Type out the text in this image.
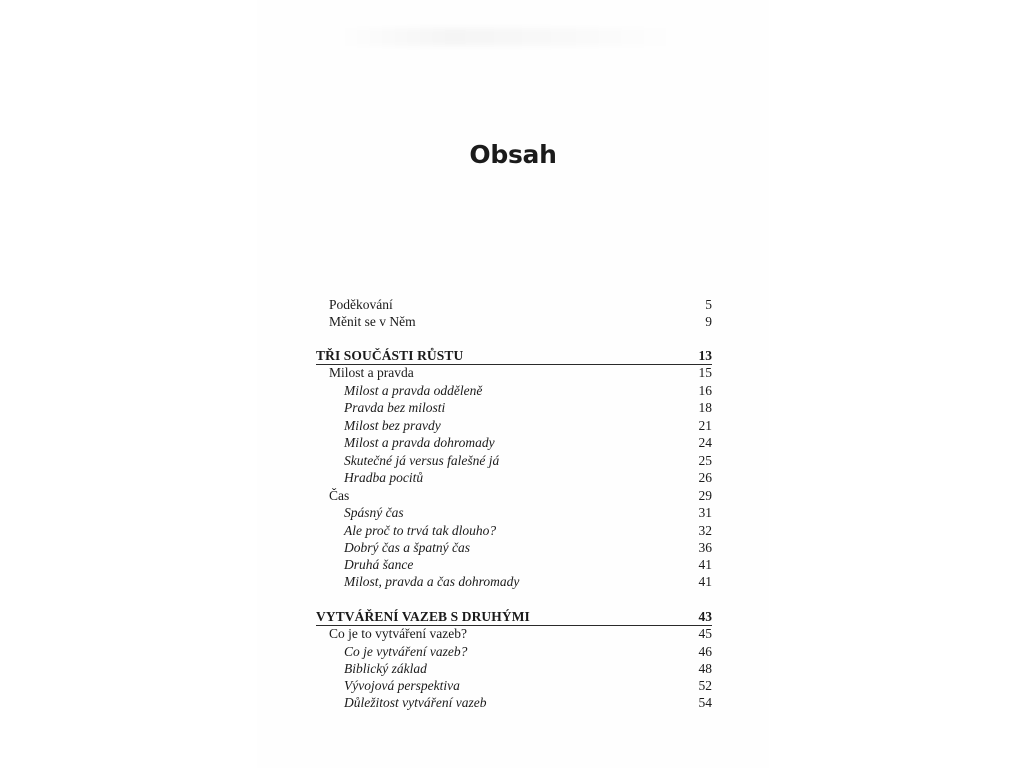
Obsah
Poděkování	5
Měnit se v Něm	9
TŘI SOUČÁSTI RŮSTU	13
Milost a pravda	15
Milost a pravda odděleně	16
Pravda bez milosti	18
Milost bez pravdy	21
Milost a pravda dohromady	24
Skutečné já versus falešné já	25
Hradba pocitů	26
Čas	29
Spásný čas	31
Ale proč to trvá tak dlouho?	32
Dobrý čas a špatný čas	36
Druhá šance	41
Milost, pravda a čas dohromady	41
VYTVÁŘENÍ VAZEB S DRUHÝMI	43
Co je to vytváření vazeb?	45
Co je vytváření vazeb?	46
Biblický základ	48
Vývojová perspektiva	52
Důležitost vytváření vazeb	54
